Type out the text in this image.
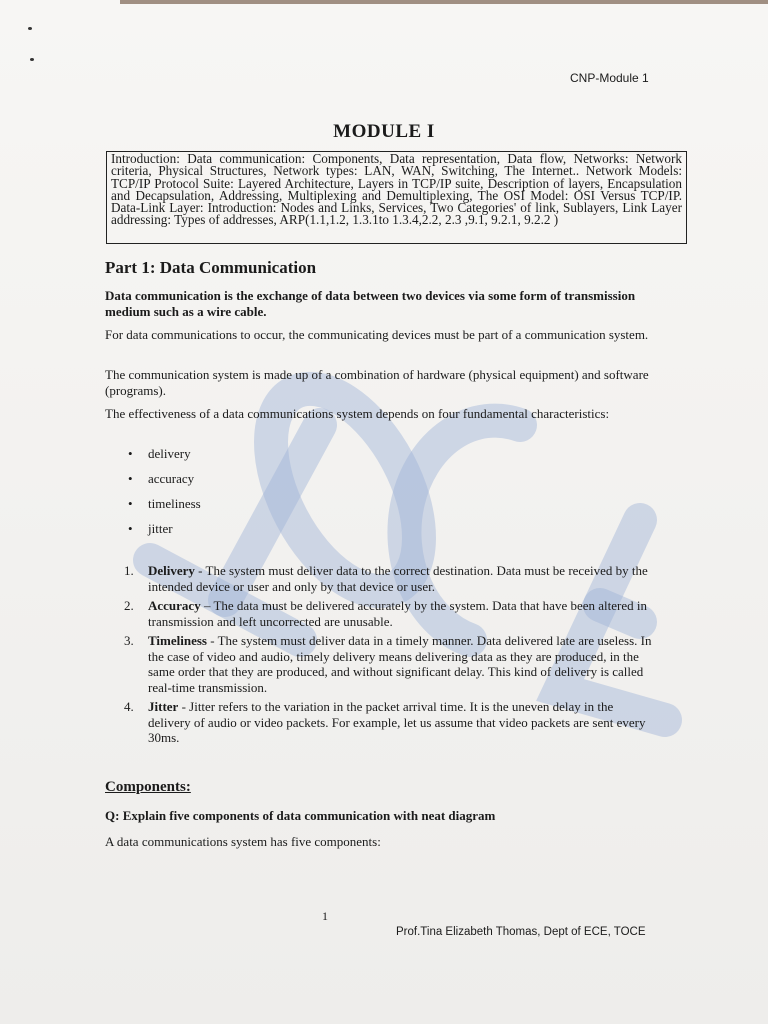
CNP-Module 1
MODULE I
Introduction: Data communication: Components, Data representation, Data flow, Networks: Network criteria, Physical Structures, Network types: LAN, WAN, Switching, The Internet.. Network Models: TCP/IP Protocol Suite: Layered Architecture, Layers in TCP/IP suite, Description of layers, Encapsulation and Decapsulation, Addressing, Multiplexing and Demultiplexing, The OSI Model: OSI Versus TCP/IP. Data-Link Layer: Introduction: Nodes and Links, Services, Two Categories' of link, Sublayers, Link Layer addressing: Types of addresses, ARP(1.1,1.2, 1.3.1to 1.3.4,2.2, 2.3 ,9.1, 9.2.1, 9.2.2 )
Part 1: Data Communication
Data communication is the exchange of data between two devices via some form of transmission medium such as a wire cable.
For data communications to occur, the communicating devices must be part of a communication system.
The communication system is made up of a combination of hardware (physical equipment) and software (programs).
The effectiveness of a data communications system depends on four fundamental characteristics:
• delivery
• accuracy
• timeliness
• jitter
1. Delivery - The system must deliver data to the correct destination. Data must be received by the intended device or user and only by that device or user.
2. Accuracy – The data must be delivered accurately by the system. Data that have been altered in transmission and left uncorrected are unusable.
3. Timeliness - The system must deliver data in a timely manner. Data delivered late are useless. In the case of video and audio, timely delivery means delivering data as they are produced, in the same order that they are produced, and without significant delay. This kind of delivery is called real-time transmission.
4. Jitter - Jitter refers to the variation in the packet arrival time. It is the uneven delay in the delivery of audio or video packets. For example, let us assume that video packets are sent every 30ms.
Components:
Q: Explain five components of data communication with neat diagram
A data communications system has five components:
1
Prof.Tina Elizabeth Thomas, Dept of ECE, TOCE
